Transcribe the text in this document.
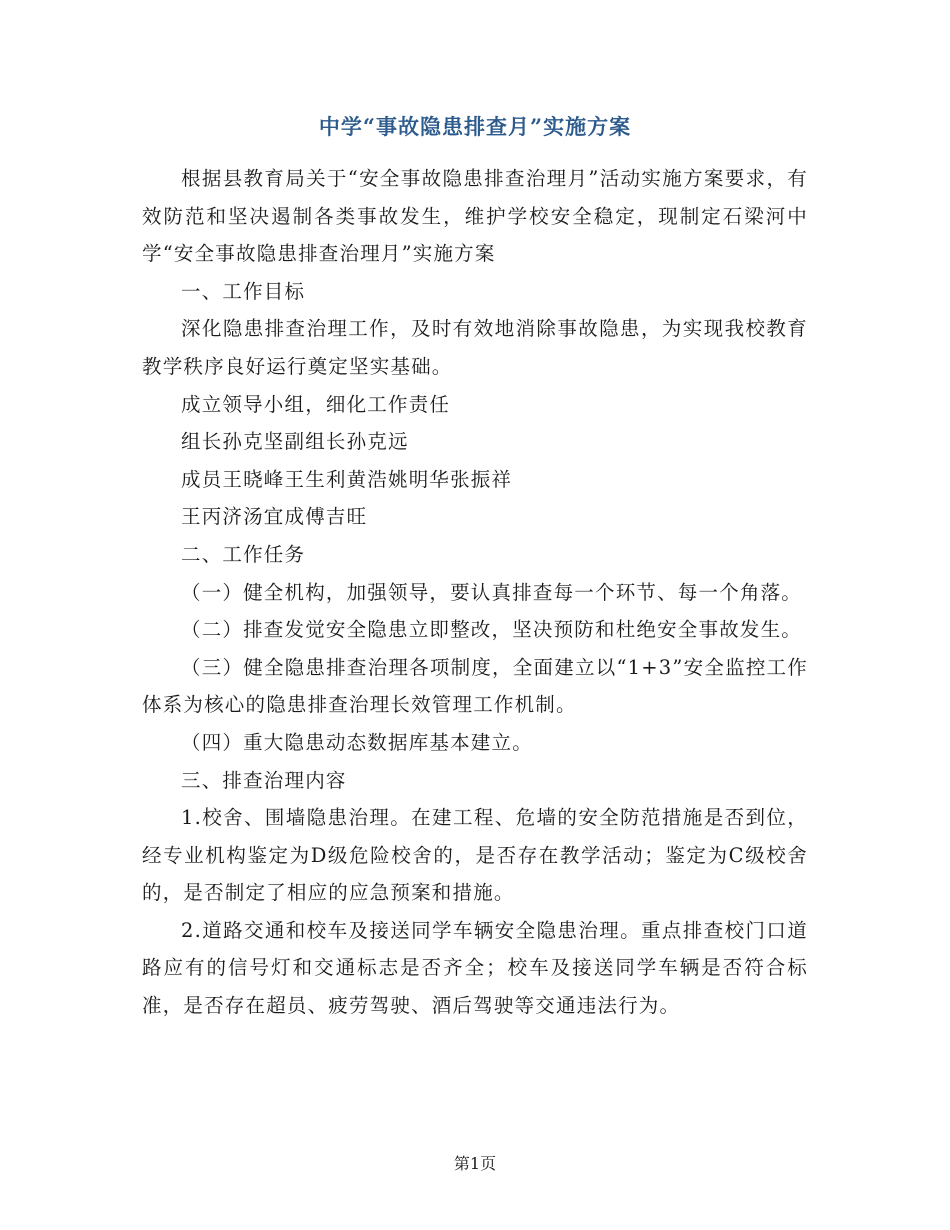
中学“事故隐患排查月”实施方案

根据县教育局关于“安全事故隐患排查治理月”活动实施方案要求，有效防范和坚决遏制各类事故发生，维护学校安全稳定，现制定石梁河中学“安全事故隐患排查治理月”实施方案

一、工作目标

深化隐患排查治理工作，及时有效地消除事故隐患，为实现我校教育教学秩序良好运行奠定坚实基础。

成立领导小组，细化工作责任

组长孙克坚副组长孙克远

成员王晓峰王生利黄浩姚明华张振祥

王丙济汤宜成傅吉旺

二、工作任务

（一）健全机构，加强领导，要认真排查每一个环节、每一个角落。

（二）排查发觉安全隐患立即整改，坚决预防和杜绝安全事故发生。

（三）健全隐患排查治理各项制度，全面建立以“1+3”安全监控工作体系为核心的隐患排查治理长效管理工作机制。

（四）重大隐患动态数据库基本建立。

三、排查治理内容

1.校舍、围墙隐患治理。在建工程、危墙的安全防范措施是否到位，经专业机构鉴定为D级危险校舍的，是否存在教学活动；鉴定为C级校舍的，是否制定了相应的应急预案和措施。

2.道路交通和校车及接送同学车辆安全隐患治理。重点排查校门口道路应有的信号灯和交通标志是否齐全；校车及接送同学车辆是否符合标准，是否存在超员、疲劳驾驶、酒后驾驶等交通违法行为。

第1页
